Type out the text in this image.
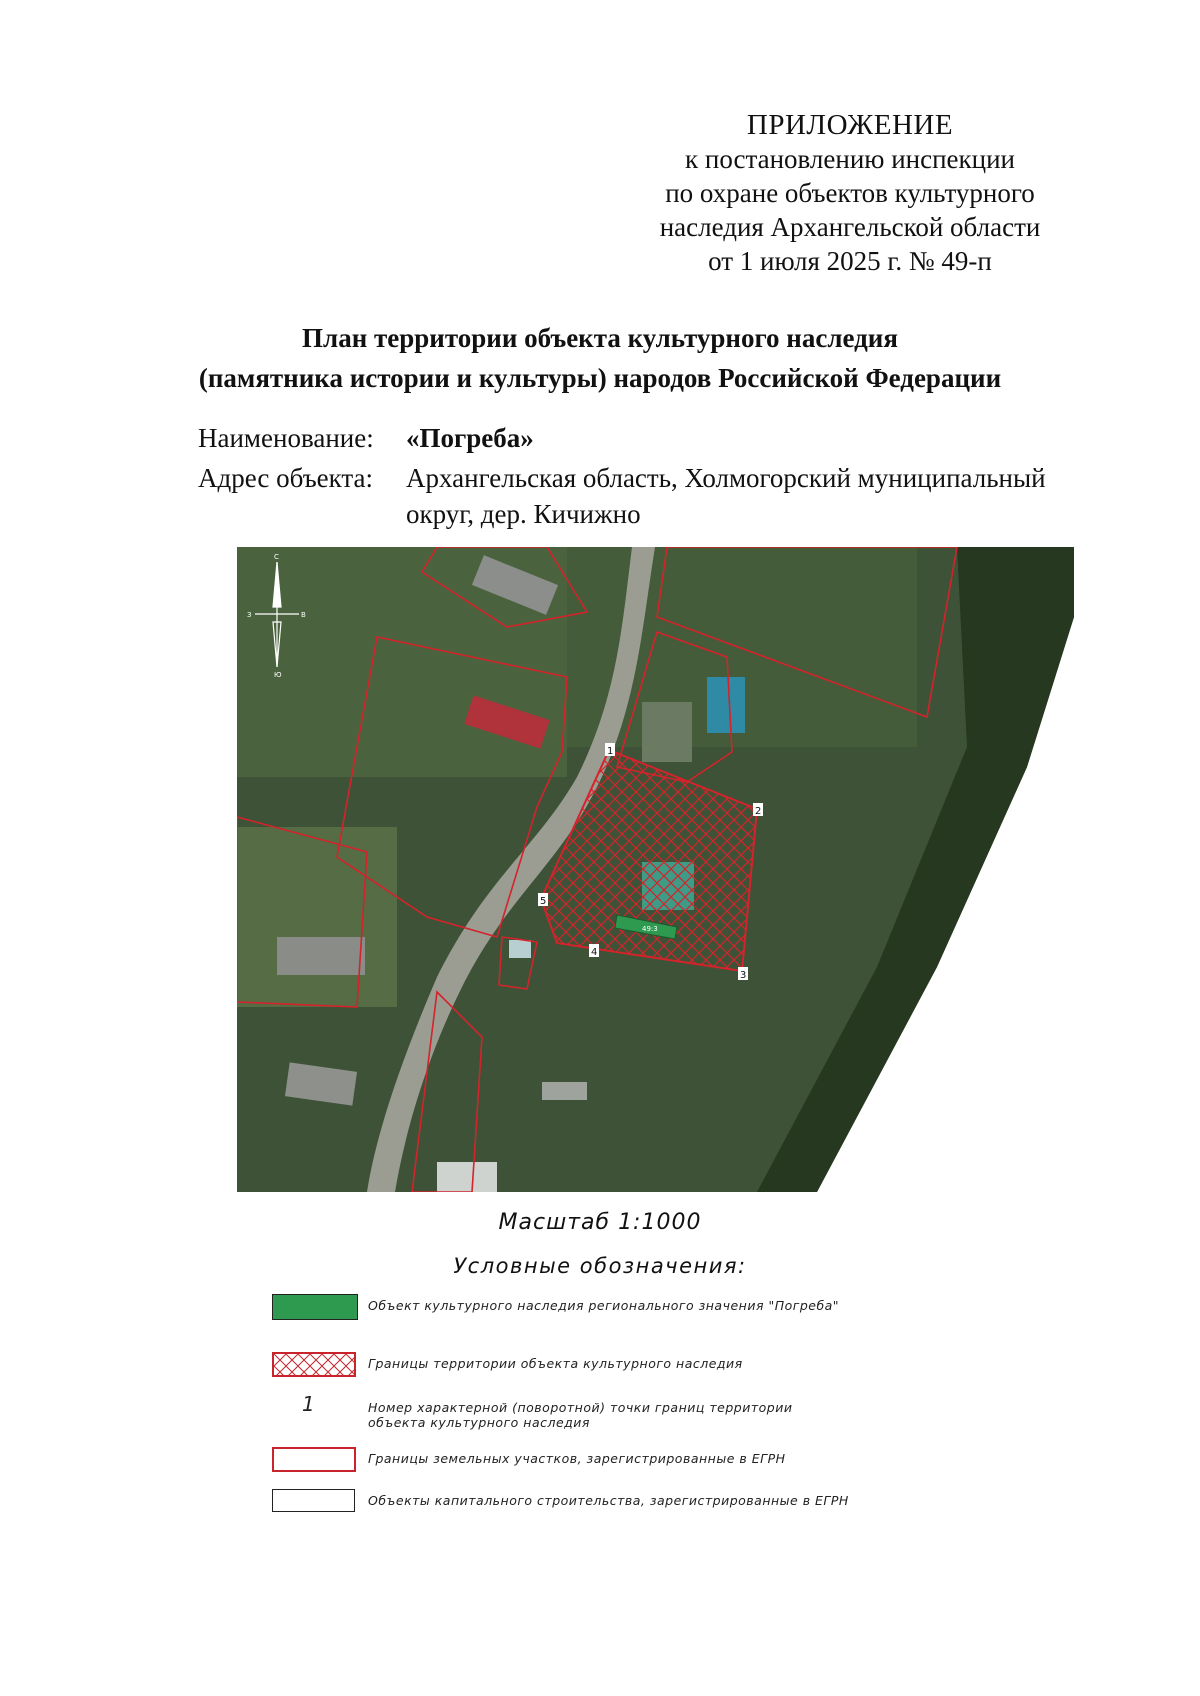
ПРИЛОЖЕНИЕ
к постановлению инспекции
по охране объектов культурного
наследия Архангельской области
от 1 июля 2025 г. № 49-п
План территории объекта культурного наследия
(памятника истории и культуры) народов Российской Федерации
Наименование: «Погреба»
Адрес объекта: Архангельская область, Холмогорский муниципальный
округ, дер. Кичижно
49:3
1
2
3
4
5
С
Ю
З	В
Масштаб 1:1000
Условные обозначения:
Объект культурного наследия регионального значения "Погреба"
Границы территории объекта культурного наследия
1	Номер характерной (поворотной) точки границ территории
объекта культурного наследия
Границы земельных участков, зарегистрированные в ЕГРН
Объекты капитального строительства, зарегистрированные в ЕГРН
